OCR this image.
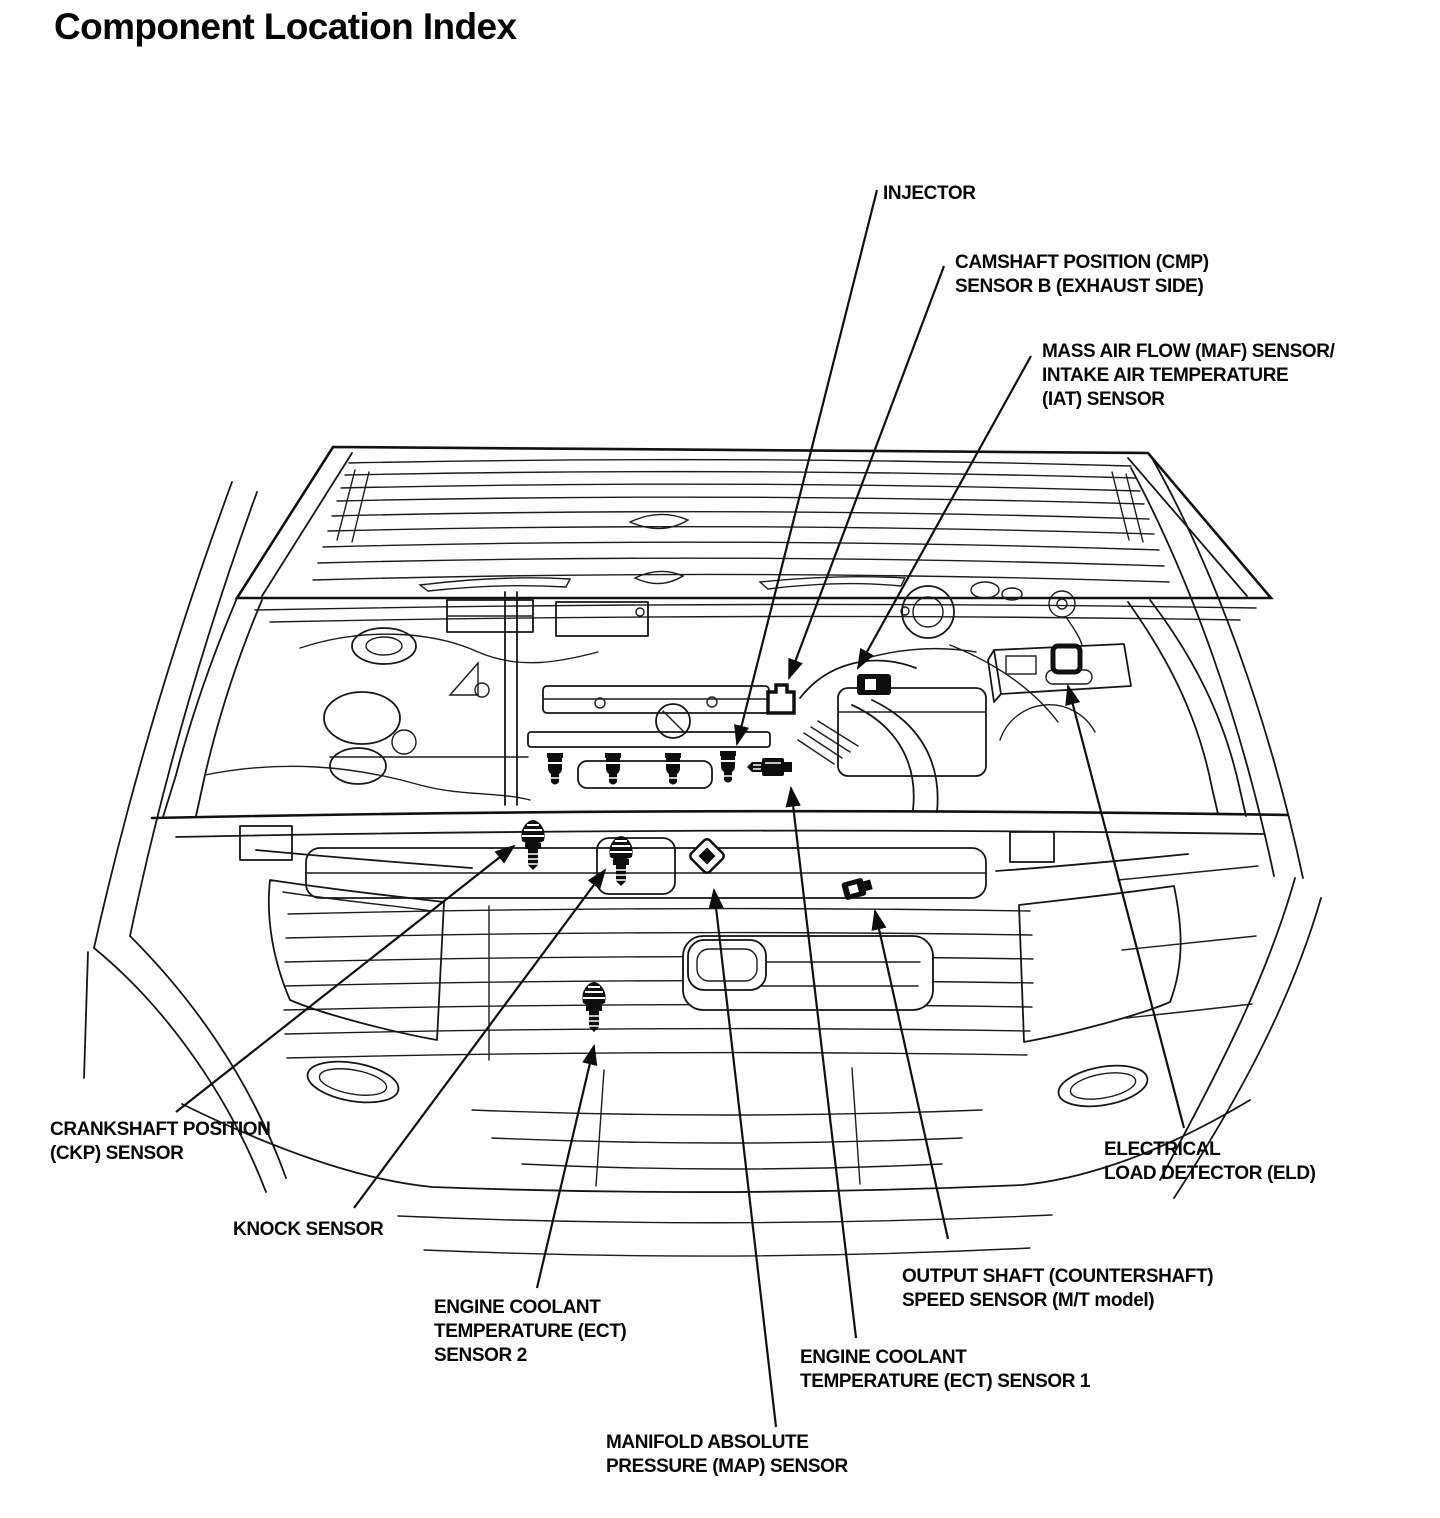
Component Location Index
INJECTOR
CAMSHAFT POSITION (CMP)
SENSOR B (EXHAUST SIDE)
MASS AIR FLOW (MAF) SENSOR/
INTAKE AIR TEMPERATURE
(IAT) SENSOR
CRANKSHAFT POSITION
(CKP) SENSOR
KNOCK SENSOR
ENGINE COOLANT
TEMPERATURE (ECT)
SENSOR 2
MANIFOLD ABSOLUTE
PRESSURE (MAP) SENSOR
ENGINE COOLANT
TEMPERATURE (ECT) SENSOR 1
OUTPUT SHAFT (COUNTERSHAFT)
SPEED SENSOR (M/T model)
ELECTRICAL
LOAD DETECTOR (ELD)
